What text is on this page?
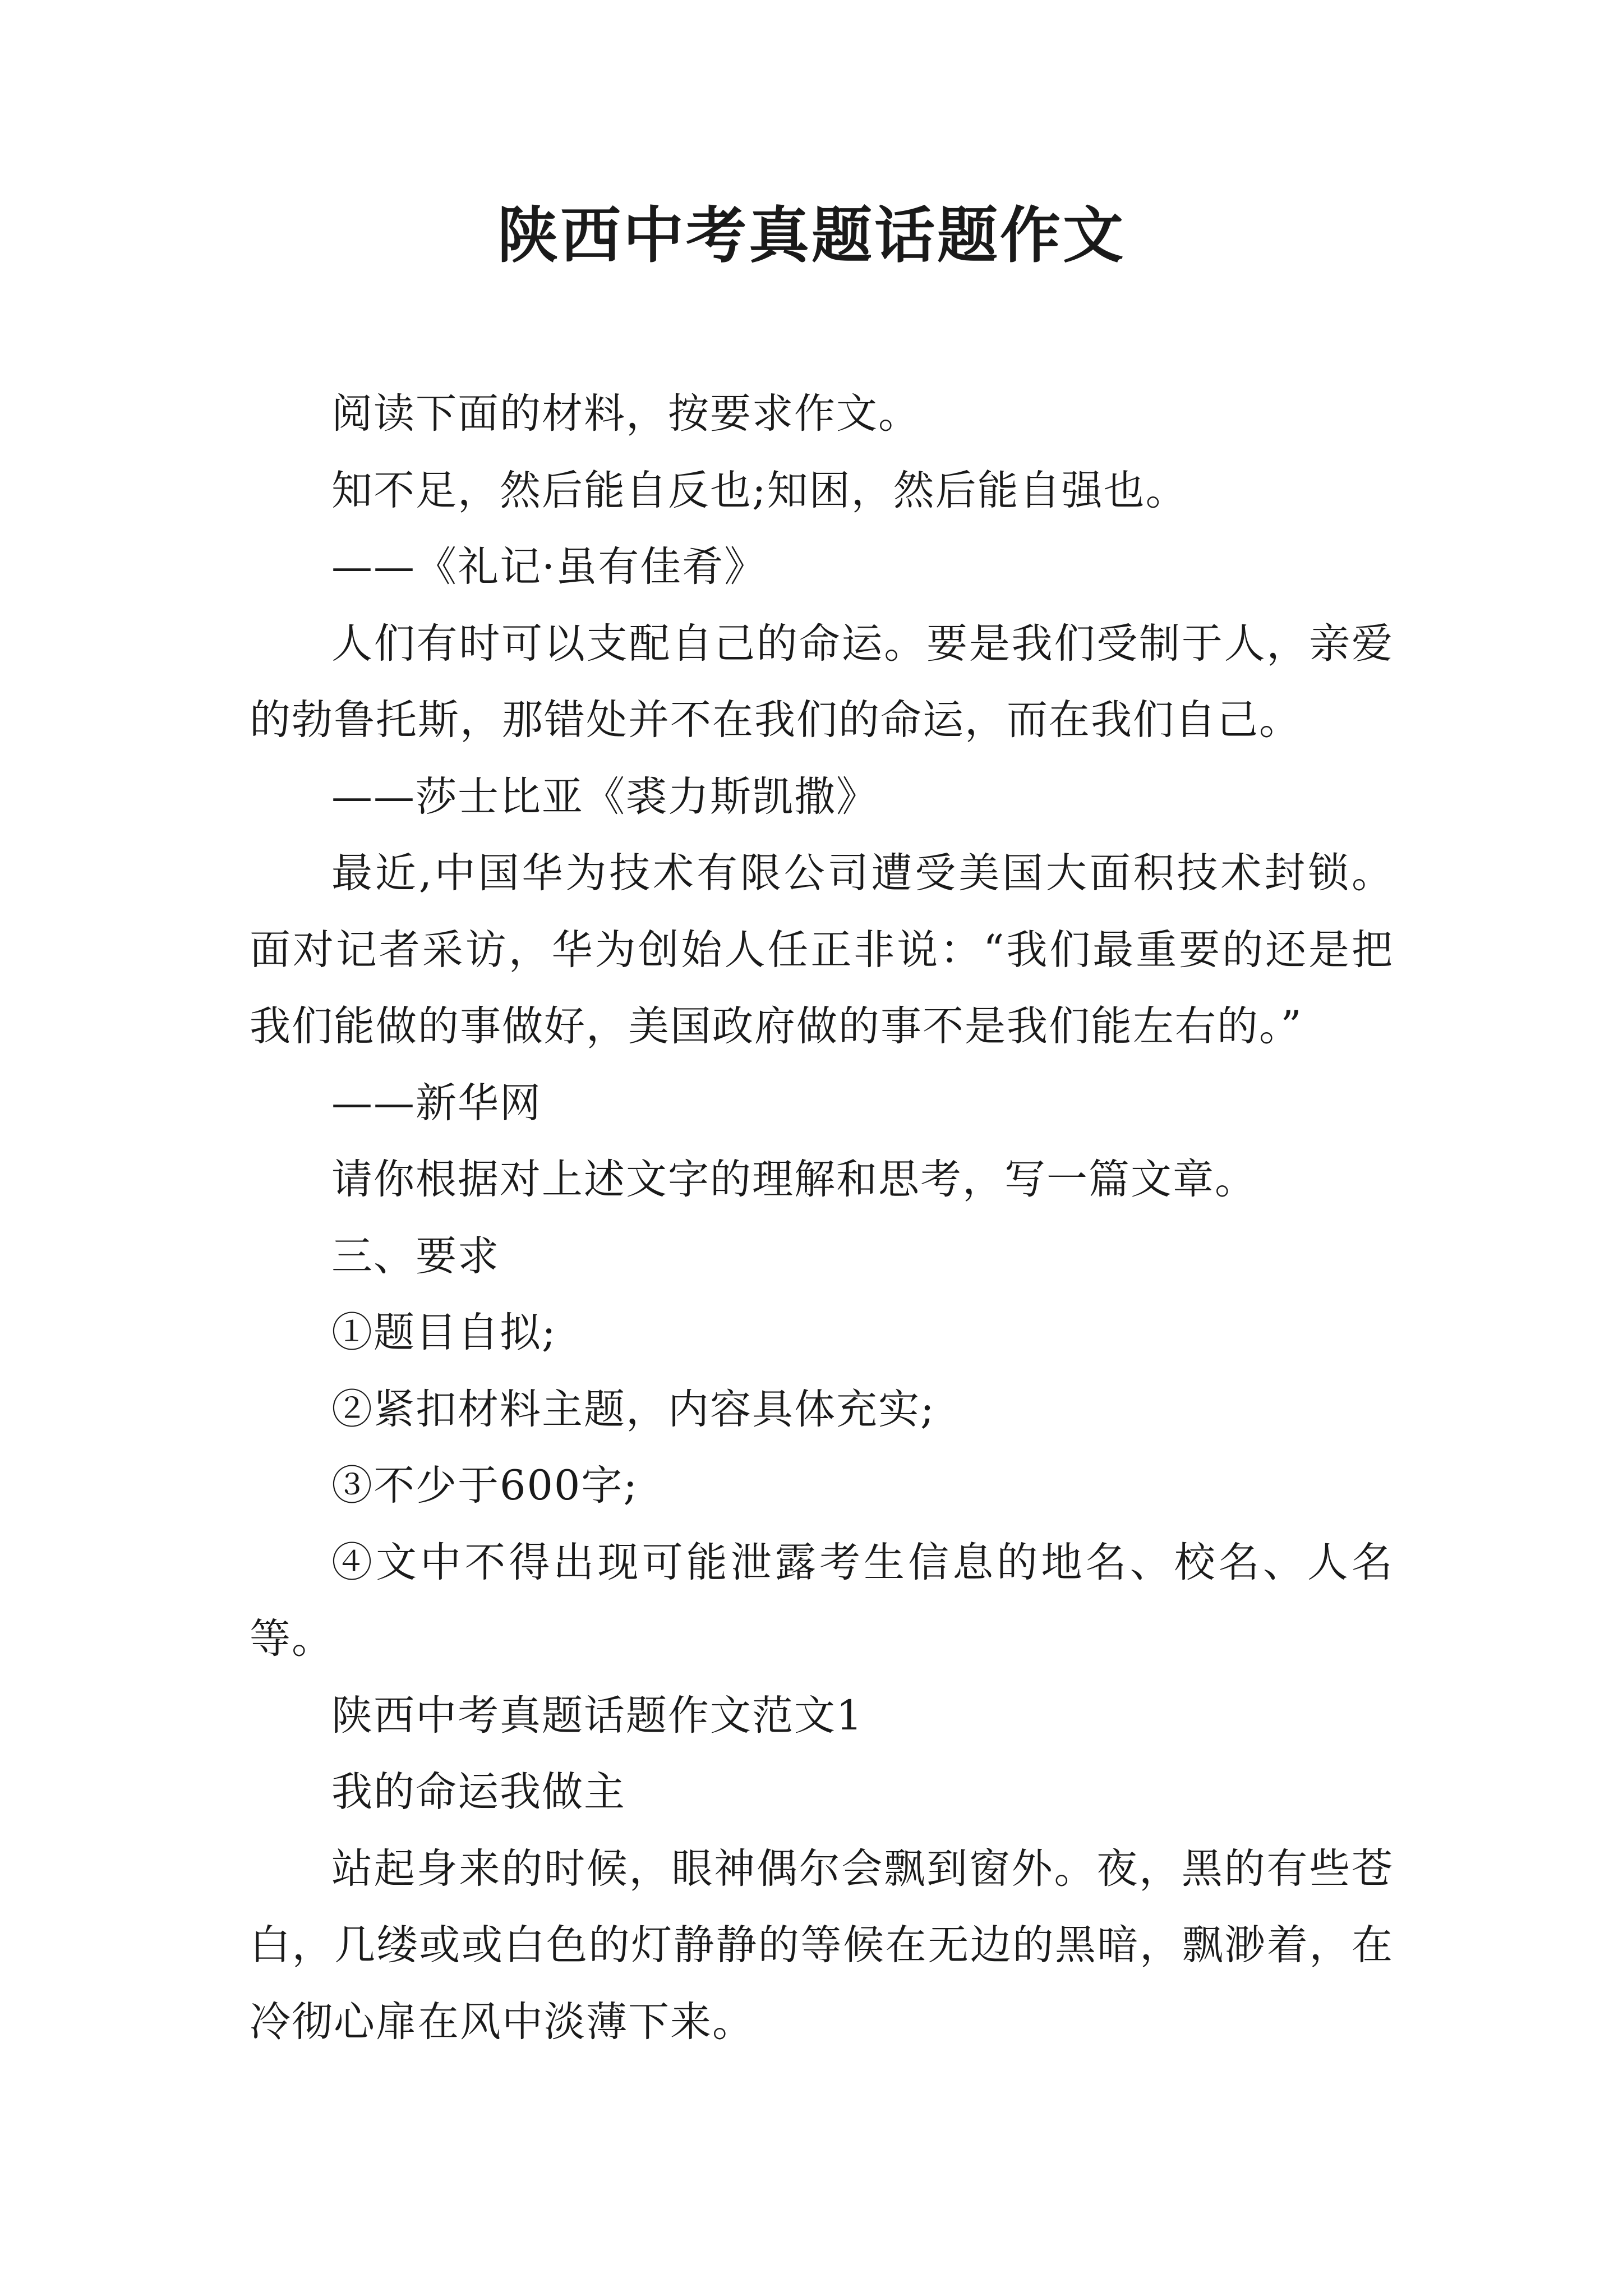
陕西中考真题话题作文

阅读下面的材料，按要求作文。

知不足，然后能自反也;知困，然后能自强也。

——《礼记·虽有佳肴》

人们有时可以支配自己的命运。要是我们受制于人，亲爱的勃鲁托斯，那错处并不在我们的命运，而在我们自己。

——莎士比亚《裘力斯凯撒》

最近,中国华为技术有限公司遭受美国大面积技术封锁。面对记者采访，华为创始人任正非说：“我们最重要的还是把我们能做的事做好，美国政府做的事不是我们能左右的。”

——新华网

请你根据对上述文字的理解和思考，写一篇文章。

三、要求

①题目自拟;

②紧扣材料主题，内容具体充实;

③不少于600字;

④文中不得出现可能泄露考生信息的地名、校名、人名等。

陕西中考真题话题作文范文1

我的命运我做主

站起身来的时候，眼神偶尔会飘到窗外。夜，黑的有些苍白，几缕或或白色的灯静静的等候在无边的黑暗，飘渺着，在冷彻心扉在风中淡薄下来。
